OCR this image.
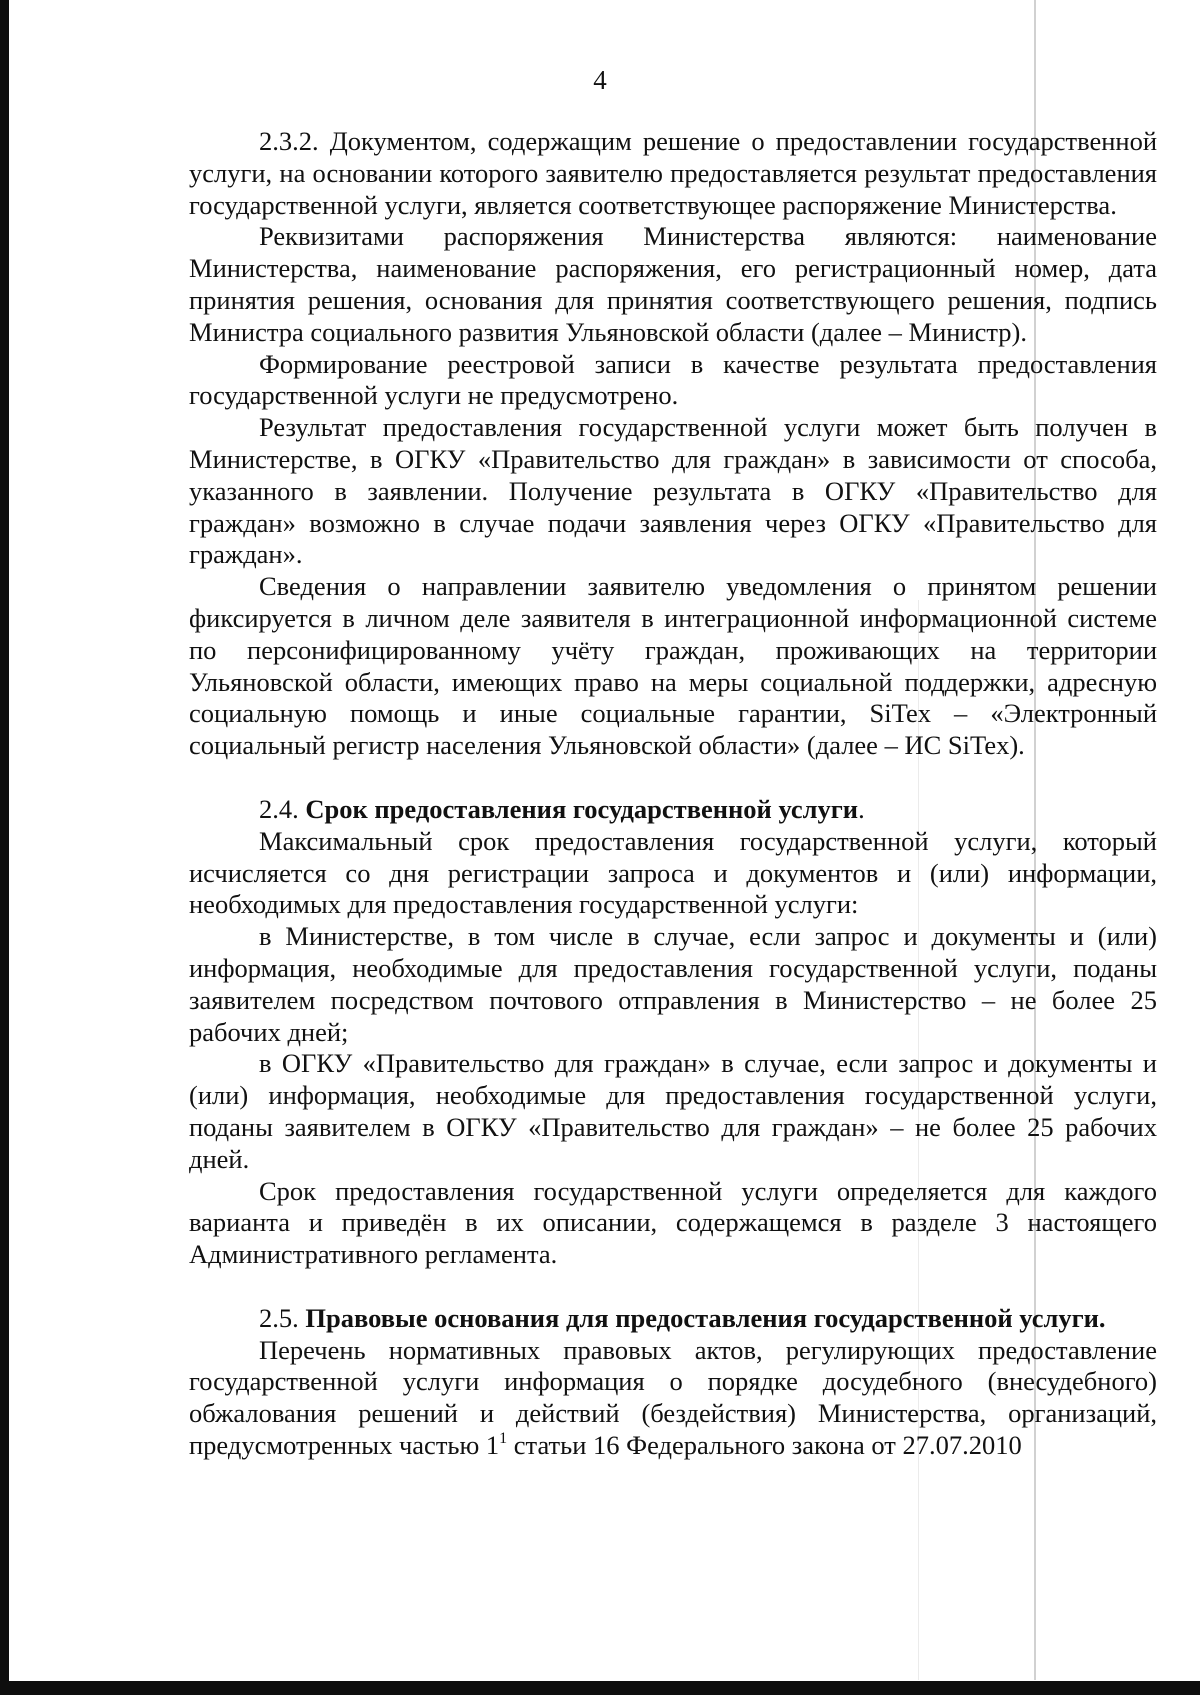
4

2.3.2. Документом, содержащим решение о предоставлении государственной услуги, на основании которого заявителю предоставляется результат предоставления государственной услуги, является соответствующее распоряжение Министерства.

Реквизитами распоряжения Министерства являются: наименование Министерства, наименование распоряжения, его регистрационный номер, дата принятия решения, основания для принятия соответствующего решения, подпись Министра социального развития Ульяновской области (далее – Министр).

Формирование реестровой записи в качестве результата предоставления государственной услуги не предусмотрено.

Результат предоставления государственной услуги может быть получен в Министерстве, в ОГКУ «Правительство для граждан» в зависимости от способа, указанного в заявлении. Получение результата в ОГКУ «Правительство для граждан» возможно в случае подачи заявления через ОГКУ «Правительство для граждан».

Сведения о направлении заявителю уведомления о принятом решении фиксируется в личном деле заявителя в интеграционной информационной системе по персонифицированному учёту граждан, проживающих на территории Ульяновской области, имеющих право на меры социальной поддержки, адресную социальную помощь и иные социальные гарантии, SiTex – «Электронный социальный регистр населения Ульяновской области» (далее – ИС SiTex).

2.4. Срок предоставления государственной услуги.

Максимальный срок предоставления государственной услуги, который исчисляется со дня регистрации запроса и документов и (или) информации, необходимых для предоставления государственной услуги:

в Министерстве, в том числе в случае, если запрос и документы и (или) информация, необходимые для предоставления государственной услуги, поданы заявителем посредством почтового отправления в Министерство – не более 25 рабочих дней;

в ОГКУ «Правительство для граждан» в случае, если запрос и документы и (или) информация, необходимые для предоставления государственной услуги, поданы заявителем в ОГКУ «Правительство для граждан» – не более 25 рабочих дней.

Срок предоставления государственной услуги определяется для каждого варианта и приведён в их описании, содержащемся в разделе 3 настоящего Административного регламента.

2.5. Правовые основания для предоставления государственной услуги.

Перечень нормативных правовых актов, регулирующих предоставление государственной услуги информация о порядке досудебного (внесудебного) обжалования решений и действий (бездействия) Министерства, организаций, предусмотренных частью $1^1$ статьи 16 Федерального закона от 27.07.2010
